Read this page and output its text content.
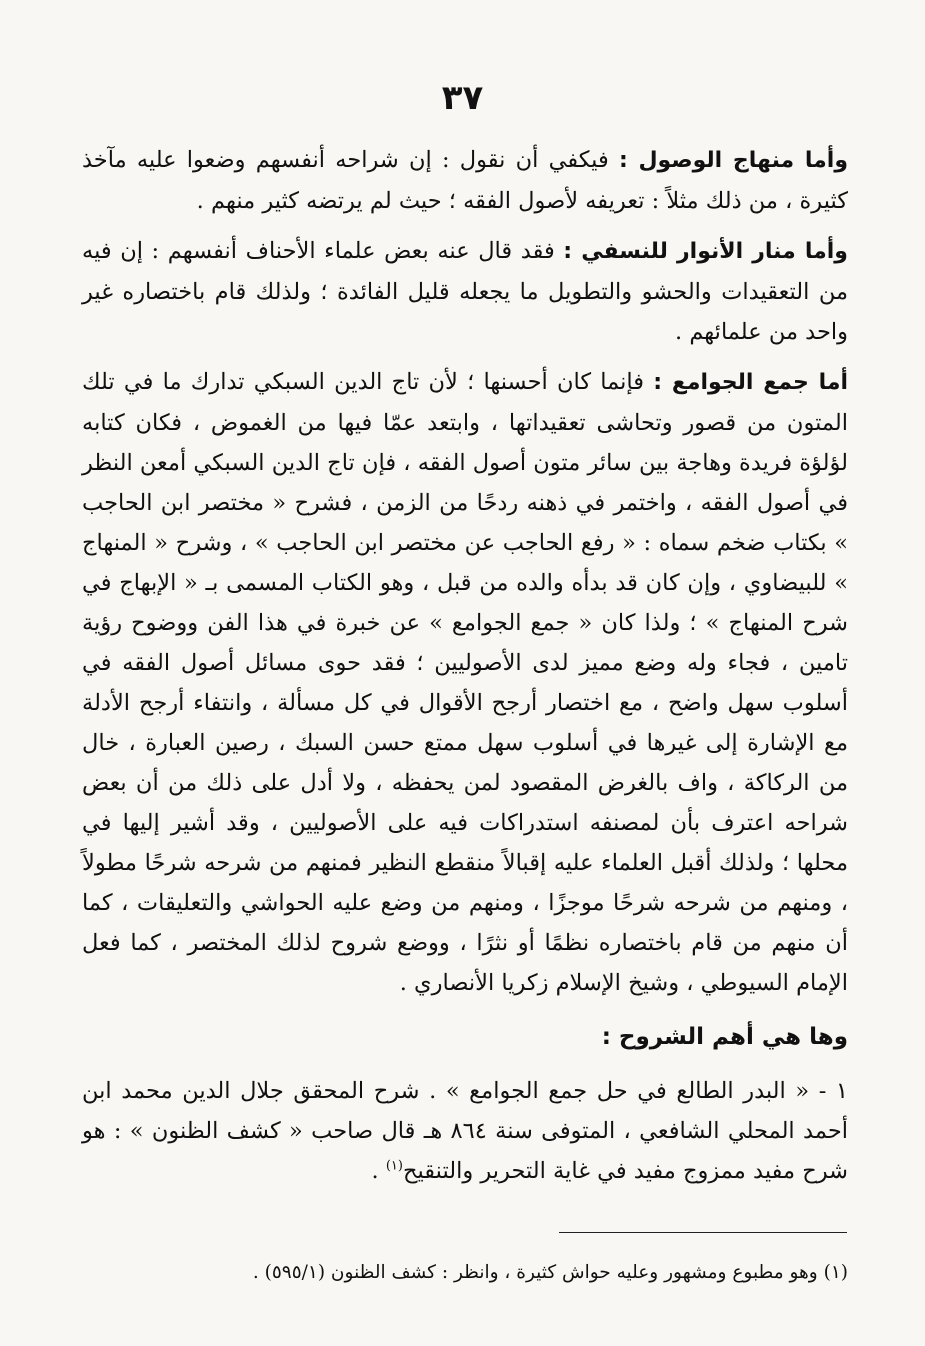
٣٧

وأما منهاج الوصول : فيكفي أن نقول : إن شراحه أنفسهم وضعوا عليه مآخذ كثيرة ، من ذلك مثلاً : تعريفه لأصول الفقه ؛ حيث لم يرتضه كثير منهم .

وأما منار الأنوار للنسفي : فقد قال عنه بعض علماء الأحناف أنفسهم : إن فيه من التعقيدات والحشو والتطويل ما يجعله قليل الفائدة ؛ ولذلك قام باختصاره غير واحد من علمائهم .

أما جمع الجوامع : فإنما كان أحسنها ؛ لأن تاج الدين السبكي تدارك ما في تلك المتون من قصور وتحاشى تعقيداتها ، وابتعد عمّا فيها من الغموض ، فكان كتابه لؤلؤة فريدة وهاجة بين سائر متون أصول الفقه ، فإن تاج الدين السبكي أمعن النظر في أصول الفقه ، واختمر في ذهنه ردحًا من الزمن ، فشرح « مختصر ابن الحاجب » بكتاب ضخم سماه : « رفع الحاجب عن مختصر ابن الحاجب » ، وشرح « المنهاج » للبيضاوي ، وإن كان قد بدأه والده من قبل ، وهو الكتاب المسمى بـ « الإبهاج في شرح المنهاج » ؛ ولذا كان « جمع الجوامع » عن خبرة في هذا الفن ووضوح رؤية تامين ، فجاء وله وضع مميز لدى الأصوليين ؛ فقد حوى مسائل أصول الفقه في أسلوب سهل واضح ، مع اختصار أرجح الأقوال في كل مسألة ، وانتفاء أرجح الأدلة مع الإشارة إلى غيرها في أسلوب سهل ممتع حسن السبك ، رصين العبارة ، خال من الركاكة ، واف بالغرض المقصود لمن يحفظه ، ولا أدل على ذلك من أن بعض شراحه اعترف بأن لمصنفه استدراكات فيه على الأصوليين ، وقد أشير إليها في محلها ؛ ولذلك أقبل العلماء عليه إقبالاً منقطع النظير فمنهم من شرحه شرحًا مطولاً ، ومنهم من شرحه شرحًا موجزًا ، ومنهم من وضع عليه الحواشي والتعليقات ، كما أن منهم من قام باختصاره نظمًا أو نثرًا ، ووضع شروح لذلك المختصر ، كما فعل الإمام السيوطي ، وشيخ الإسلام زكريا الأنصاري .

وها هي أهم الشروح :

١ - « البدر الطالع في حل جمع الجوامع » . شرح المحقق جلال الدين محمد ابن أحمد المحلي الشافعي ، المتوفى سنة ٨٦٤ هـ قال صاحب « كشف الظنون » : هو شرح مفيد ممزوج مفيد في غاية التحرير والتنقيح$^{(١)}$ .

(١) وهو مطبوع ومشهور وعليه حواش كثيرة ، وانظر : كشف الظنون (٥٩٥/١) .
